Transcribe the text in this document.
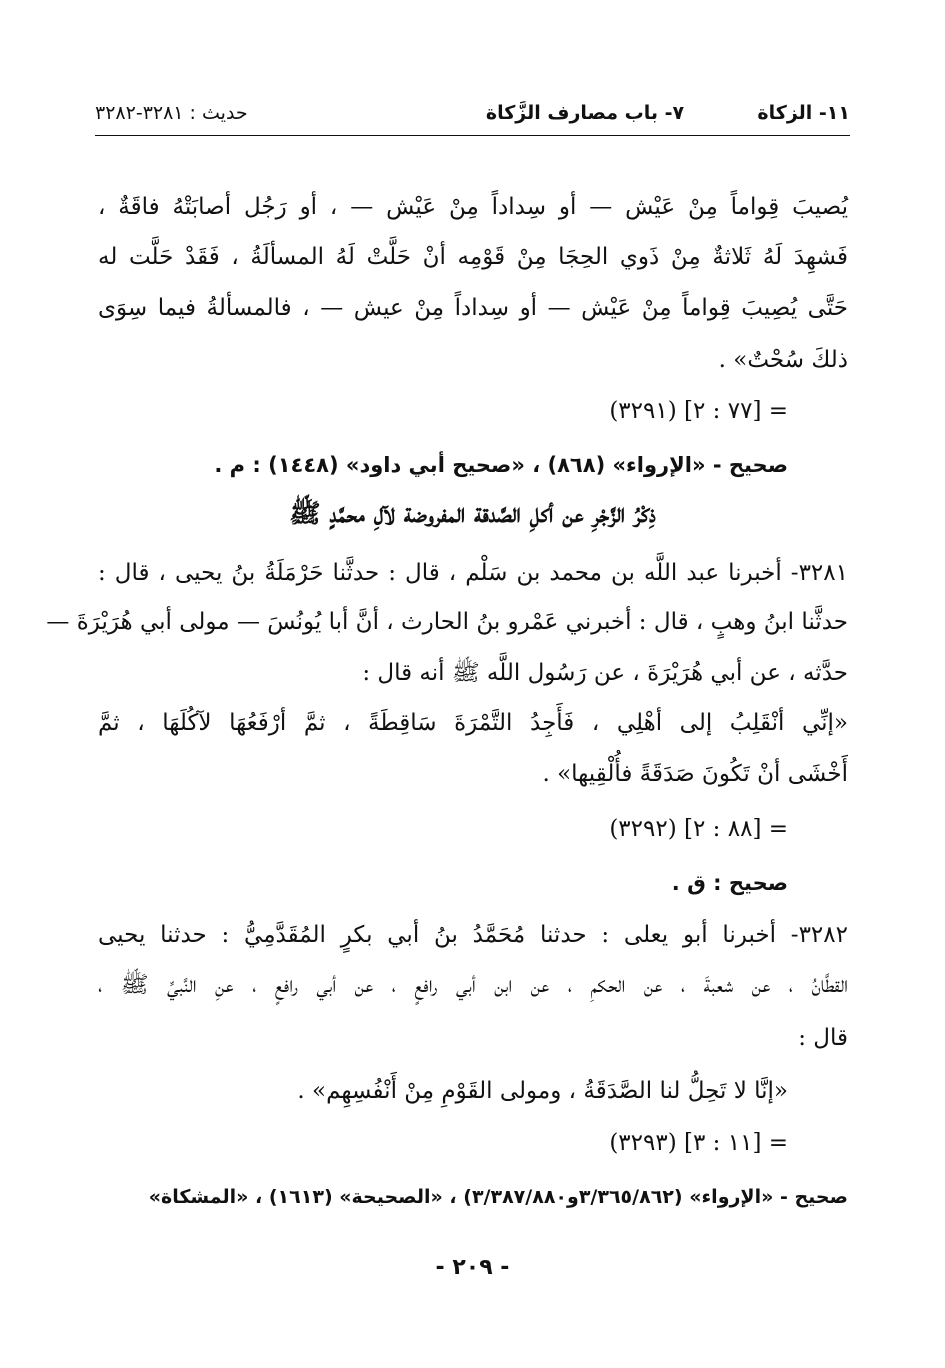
١١- الزكاة
٧- باب مصارف الزَّكاة
حديث : ٣٢٨١-٣٢٨٢
يُصيبَ قِواماً مِنْ عَيْش — أو سِداداً مِنْ عَيْش — ، أو رَجُل أصابَتْهُ فاقَةٌ ،
فَشهِدَ لَهُ ثَلاثةٌ مِنْ ذَوي الحِجَا مِنْ قَوْمِه أنْ حَلَّتْ لَهُ المسألَةُ ، فَقَدْ حَلَّت له
حَتَّى يُصِيبَ قِواماً مِنْ عَيْش — أو سِداداً مِنْ عيش — ، فالمسألةُ فيما سِوَى
ذلكَ سُحْتٌ» .
= [٧٧ : ٢] (٣٢٩١)
صحيح - «الإرواء» (٨٦٨) ، «صحيح أبي داود» (١٤٤٨) : م .
ذِكْرُ الزَّجْرِ عن أكلِ الصَّدقة المفروضة لآلِ محمَّدٍ ﷺ
٣٢٨١- أخبرنا عبد اللَّه بن محمد بن سَلْم ، قال : حدثَّنا حَرْمَلَةُ بنُ يحيى ، قال :
حدثَّنا ابنُ وهبٍ ، قال : أخبرني عَمْرو بنُ الحارث ، أنَّ أبا يُونُسَ — مولى أبي هُرَيْرَةَ —
حدَّثه ، عن أبي هُرَيْرَةَ ، عن رَسُول اللَّه ﷺ أنه قال :
«إنِّي أنْقَلِبُ إلى أهْلِي ، فَأَجِدُ التَّمْرَةَ سَاقِطَةً ، ثمَّ أرْفَعُهَا لآكُلَهَا ، ثمَّ
أَخْشَى أنْ تَكُونَ صَدَقَةً فأُلْقِيها» .
= [٨٨ : ٢] (٣٢٩٢)
صحيح : ق .
٣٢٨٢- أخبرنا أبو يعلى : حدثنا مُحَمَّدُ بنُ أبي بكرٍ المُقَدَّمِيُّ : حدثنا يحيى
القطَّانُ ، عن شعبةَ ، عن الحكمِ ، عن ابن أبي رافعٍ ، عن أبي رافعٍ ، عنِ النَّبيِّ ﷺ ،
قال :
«إنَّا لا تَحِلُّ لنا الصَّدَقَةُ ، ومولى القَوْمِ مِنْ أَنْفُسِهِم» .
= [١١ : ٣] (٣٢٩٣)
صحيح - «الإرواء» (٣/٣٦٥/٨٦٢و٣/٣٨٧/٨٨٠) ، «الصحيحة» (١٦١٣) ، «المشكاة»
- ٢٠٩ -
